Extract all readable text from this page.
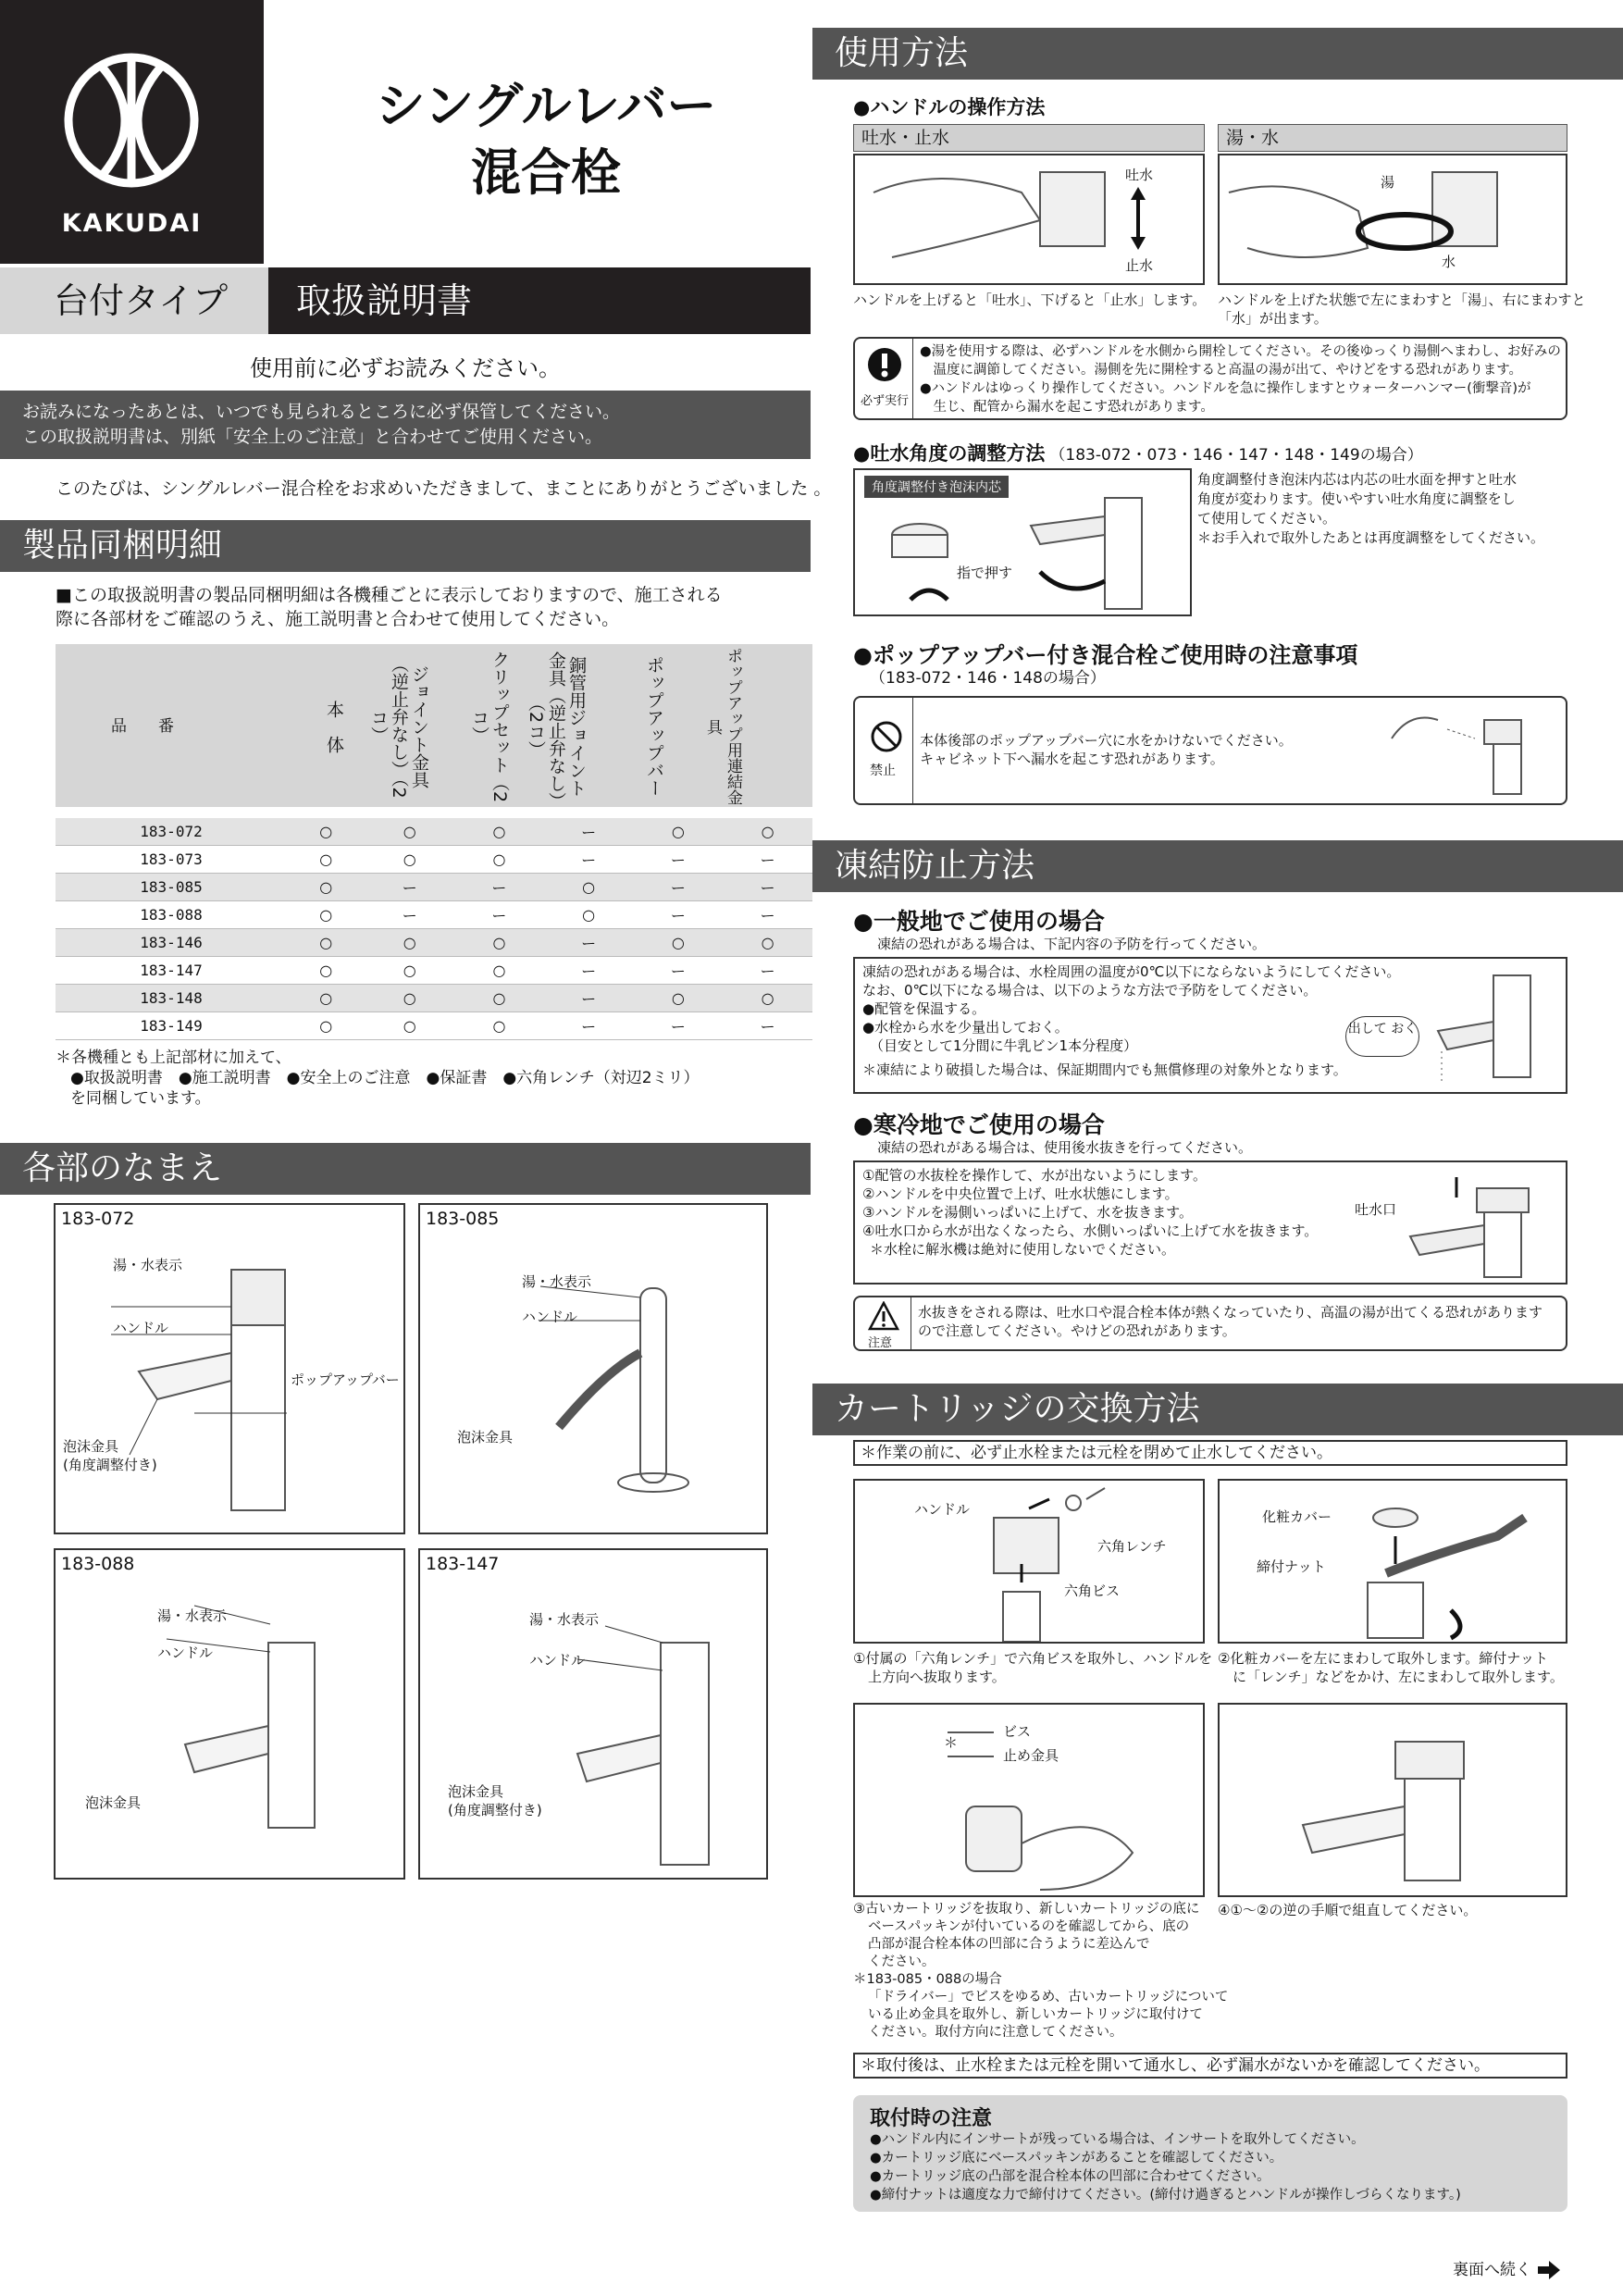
KAKUDAI
シングルレバー
混合栓
台付タイプ	取扱説明書
使用前に必ずお読みください。
お読みになったあとは、いつでも見られるところに必ず保管してください。
この取扱説明書は、別紙「安全上のご注意」と合わせてご使用ください。
このたびは、シングルレバー混合栓をお求めいただきまして、まことにありがとうございました 。
製品同梱明細
■この取扱説明書の製品同梱明細は各機種ごとに表示しておりますので、施工される
際に各部材をご確認のうえ、施工説明書と合わせて使用してください。
品　　番	本　体	ジョイント金具（逆止弁なし）（2コ）	クリップセット（2コ）	銅管用ジョイント金具（逆止弁なし）（2コ）	ポップアップバー	ポップアップ用連結金具
183-072	○	○	○	ー	○	○
183-073	○	○	○	ー	ー	ー
183-085	○	ー	ー	○	ー	ー
183-088	○	ー	ー	○	ー	ー
183-146	○	○	○	ー	○	○
183-147	○	○	○	ー	ー	ー
183-148	○	○	○	ー	○	○
183-149	○	○	○	ー	ー	ー
＊各機種とも上記部材に加えて、
●取扱説明書　●施工説明書　●安全上のご注意　●保証書　●六角レンチ（対辺2ミリ）
を同梱しています。
各部のなまえ
183-072
湯・水表示
ハンドル
ポップアップバー
泡沫金具
(角度調整付き)
183-085
湯・水表示
ハンドル
泡沫金具
183-088
湯・水表示
ハンドル
泡沫金具
183-147
湯・水表示
ハンドル
泡沫金具
(角度調整付き)
使用方法
●ハンドルの操作方法
吐水・止水	湯・水
吐水
止水
湯
水
ハンドルを上げると「吐水」、下げると「止水」します。 ハンドルを上げた状態で左にまわすと「湯」、右にまわすと
「水」が出ます。
必ず実行
●湯を使用する際は、必ずハンドルを水側から開栓してください。その後ゆっくり湯側へまわし、お好みの
　温度に調節してください。湯側を先に開栓すると高温の湯が出て、やけどをする恐れがあります。
●ハンドルはゆっくり操作してください。ハンドルを急に操作しますとウォーターハンマー(衝撃音)が
　生じ、配管から漏水を起こす恐れがあります。
●吐水角度の調整方法 （183-072・073・146・147・148・149の場合）
角度調整付き泡沫内芯
指で押す
角度調整付き泡沫内芯は内芯の吐水面を押すと吐水
角度が変わります。使いやすい吐水角度に調整をし
て使用してください。
＊お手入れで取外したあとは再度調整をしてください。
●ポップアップバー付き混合栓ご使用時の注意事項
（183-072・146・148の場合）
禁止
本体後部のポップアップバー穴に水をかけないでください。
キャビネット下へ漏水を起こす恐れがあります。
凍結防止方法
●一般地でご使用の場合
凍結の恐れがある場合は、下記内容の予防を行ってください。
凍結の恐れがある場合は、水栓周囲の温度が0℃以下にならないようにしてください。
なお、0℃以下になる場合は、以下のような方法で予防をしてください。
●配管を保温する。
●水栓から水を少量出しておく。
（目安として1分間に牛乳ビン1本分程度）
＊凍結により破損した場合は、保証期間内でも無償修理の対象外となります。
出して おく
●寒冷地でご使用の場合
凍結の恐れがある場合は、使用後水抜きを行ってください。
①配管の水抜栓を操作して、水が出ないようにします。
②ハンドルを中央位置で上げ、吐水状態にします。
③ハンドルを湯側いっぱいに上げて、水を抜きます。
④吐水口から水が出なくなったら、水側いっぱいに上げて水を抜きます。
＊水栓に解氷機は絶対に使用しないでください。
吐水口
注意
水抜きをされる際は、吐水口や混合栓本体が熱くなっていたり、高温の湯が出てくる恐れがあります
ので注意してください。やけどの恐れがあります。
カートリッジの交換方法
＊作業の前に、必ず止水栓または元栓を閉めて止水してください。
ハンドル
六角レンチ
六角ビス
化粧カバー
締付ナット
①付属の「六角レンチ」で六角ビスを取外し、ハンドルを
上方向へ抜取ります。
②化粧カバーを左にまわして取外します。締付ナット
に「レンチ」などをかけ、左にまわして取外します。
ビス
止め金具
＊
③古いカートリッジを抜取り、新しいカートリッジの底に
ベースパッキンが付いているのを確認してから、底の
凸部が混合栓本体の凹部に合うように差込んで
ください。
＊183-085・088の場合
「ドライバー」でビスをゆるめ、古いカートリッジについて
いる止め金具を取外し、新しいカートリッジに取付けて
ください。取付方向に注意してください。
④①～②の逆の手順で組直してください。
＊取付後は、止水栓または元栓を開いて通水し、必ず漏水がないかを確認してください。
取付時の注意
●ハンドル内にインサートが残っている場合は、インサートを取外してください。
●カートリッジ底にベースパッキンがあることを確認してください。
●カートリッジ底の凸部を混合栓本体の凹部に合わせてください。
●締付ナットは適度な力で締付けてください。(締付け過ぎるとハンドルが操作しづらくなります。)
裏面へ続く
